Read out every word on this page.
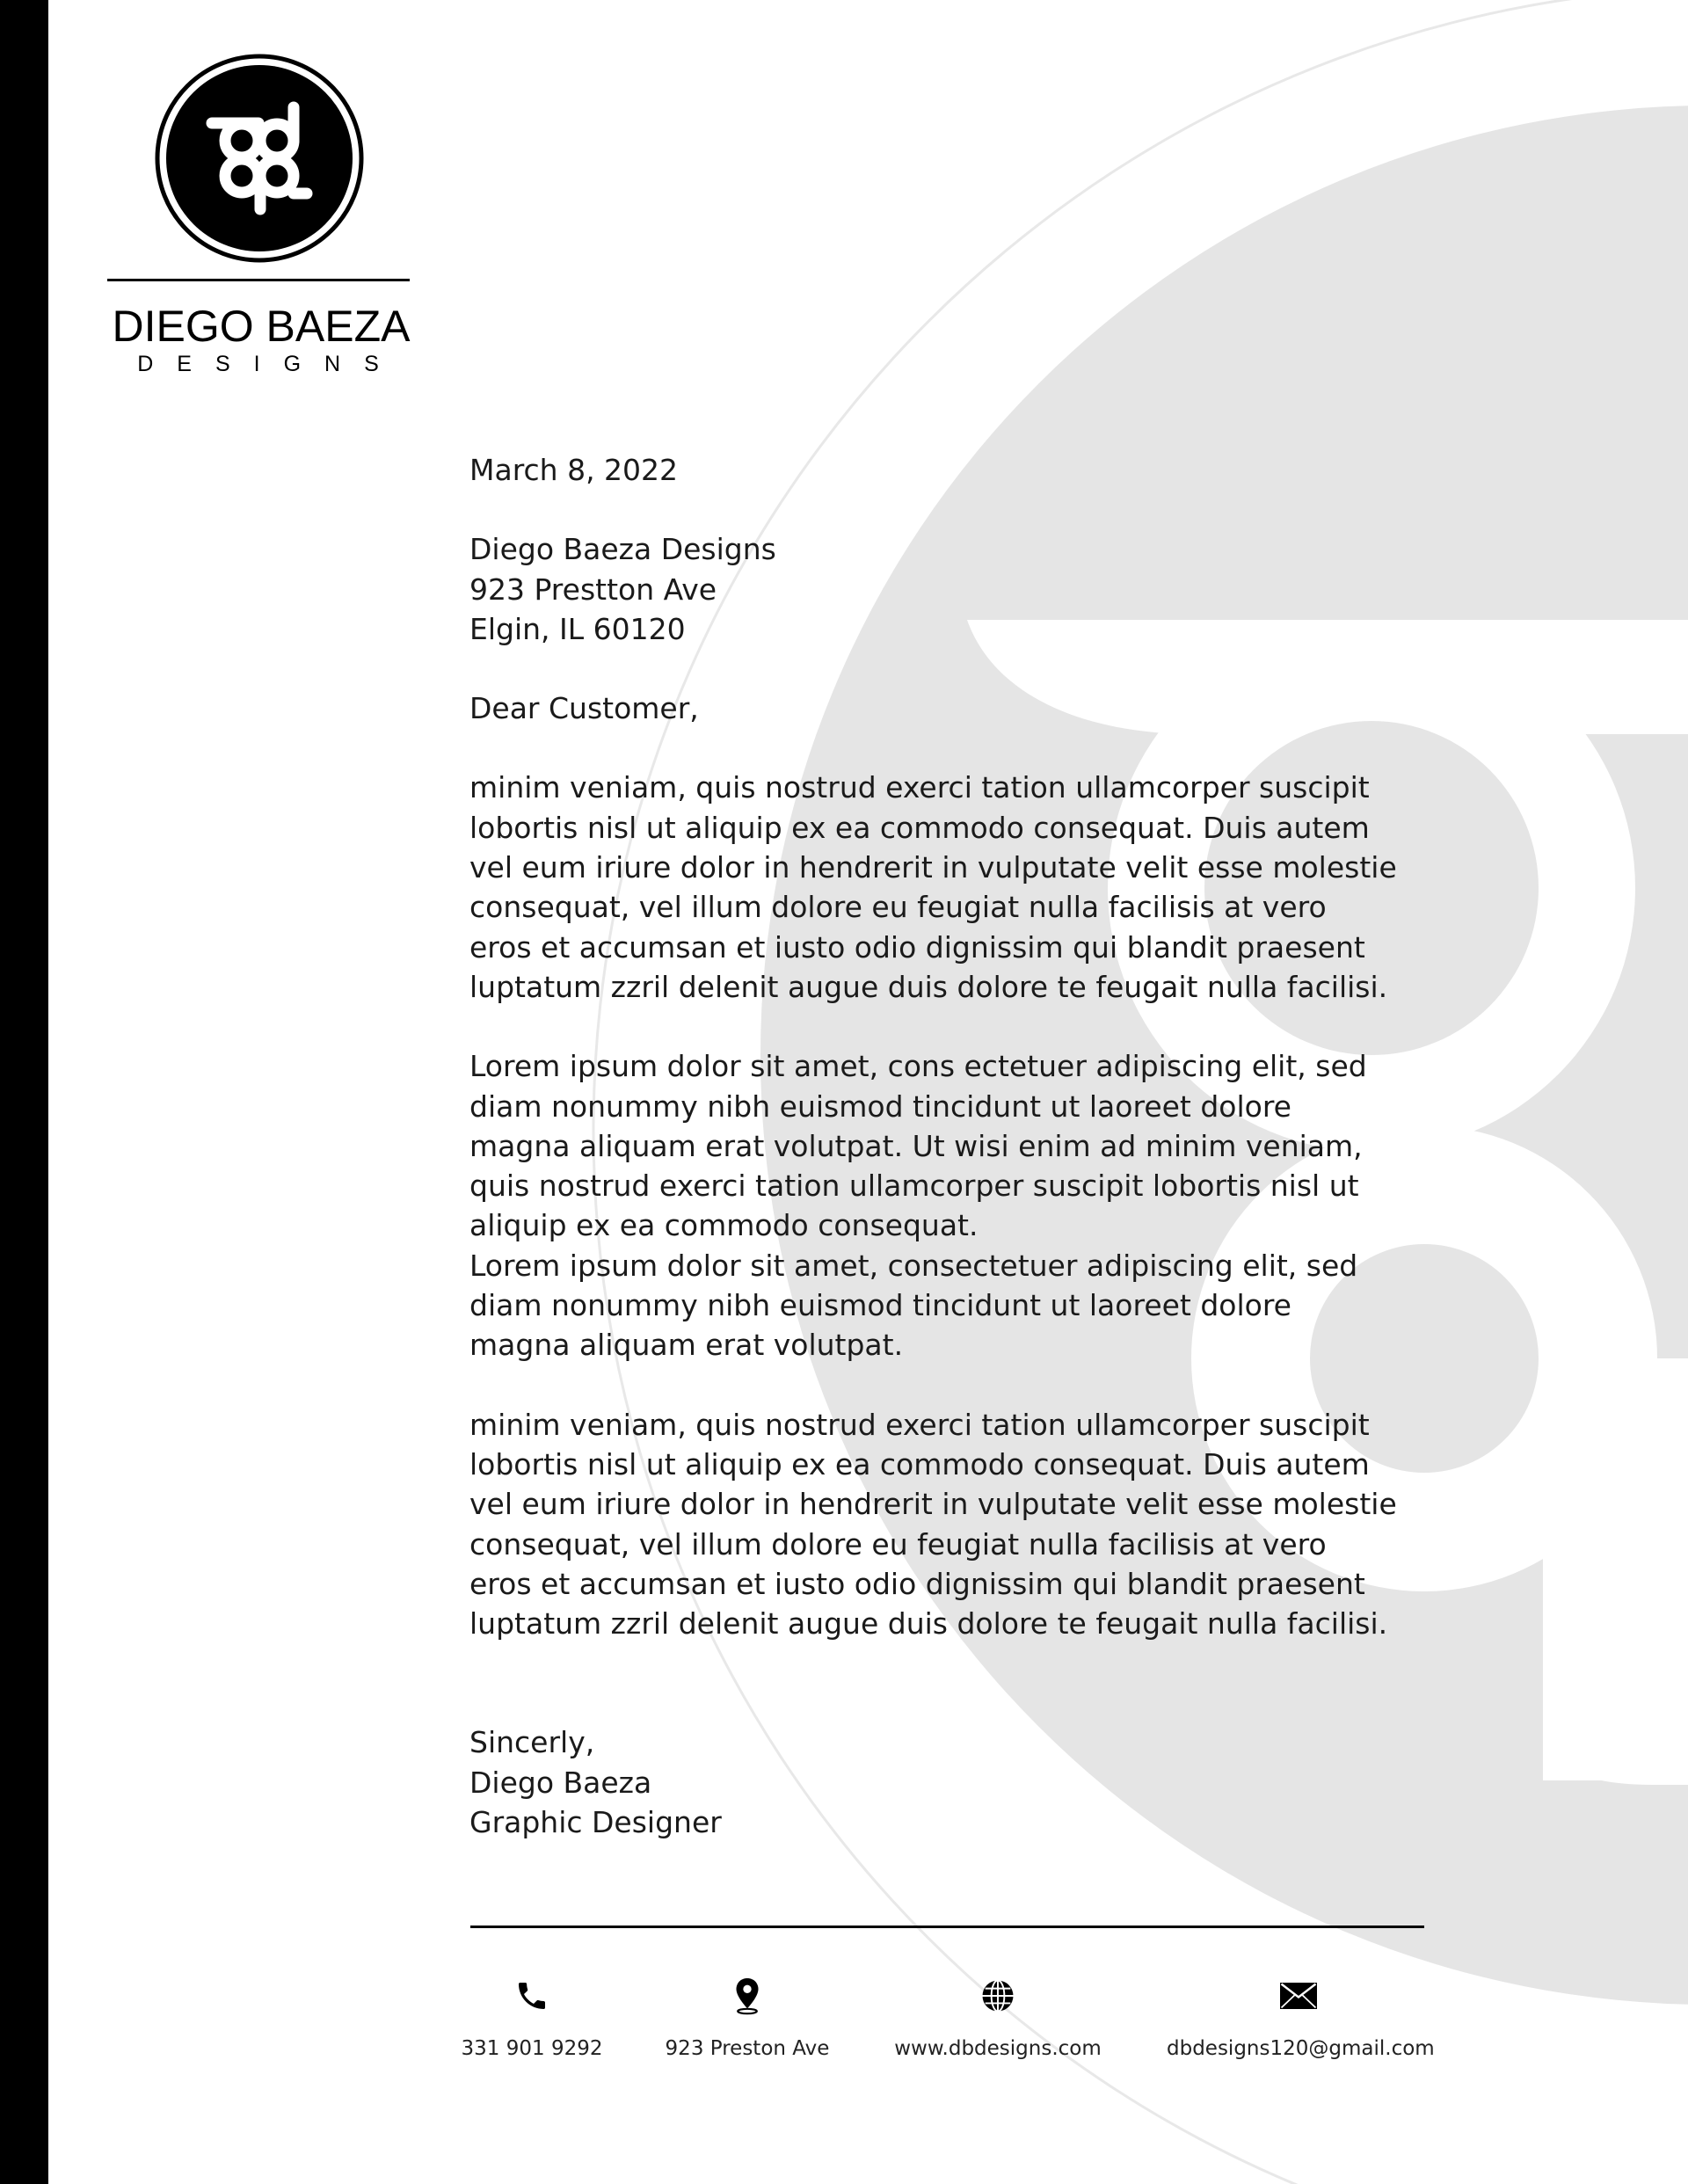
DIEGO BAEZA
DESIGNS
March 8, 2022
Diego Baeza Designs
923 Prestton Ave
Elgin, IL 60120
Dear Customer,
minim veniam, quis nostrud exerci tation ullamcorper suscipit
lobortis nisl ut aliquip ex ea commodo consequat. Duis autem
vel eum iriure dolor in hendrerit in vulputate velit esse molestie
consequat, vel illum dolore eu feugiat nulla facilisis at vero
eros et accumsan et iusto odio dignissim qui blandit praesent
luptatum zzril delenit augue duis dolore te feugait nulla facilisi.
Lorem ipsum dolor sit amet, cons ectetuer adipiscing elit, sed
diam nonummy nibh euismod tincidunt ut laoreet dolore
magna aliquam erat volutpat. Ut wisi enim ad minim veniam,
quis nostrud exerci tation ullamcorper suscipit lobortis nisl ut
aliquip ex ea commodo consequat.
Lorem ipsum dolor sit amet, consectetuer adipiscing elit, sed
diam nonummy nibh euismod tincidunt ut laoreet dolore
magna aliquam erat volutpat.
minim veniam, quis nostrud exerci tation ullamcorper suscipit
lobortis nisl ut aliquip ex ea commodo consequat. Duis autem
vel eum iriure dolor in hendrerit in vulputate velit esse molestie
consequat, vel illum dolore eu feugiat nulla facilisis at vero
eros et accumsan et iusto odio dignissim qui blandit praesent
luptatum zzril delenit augue duis dolore te feugait nulla facilisi.
Sincerly,
Diego Baeza
Graphic Designer
331 901 9292	923 Preston Ave	www.dbdesigns.com	dbdesigns120@gmail.com
